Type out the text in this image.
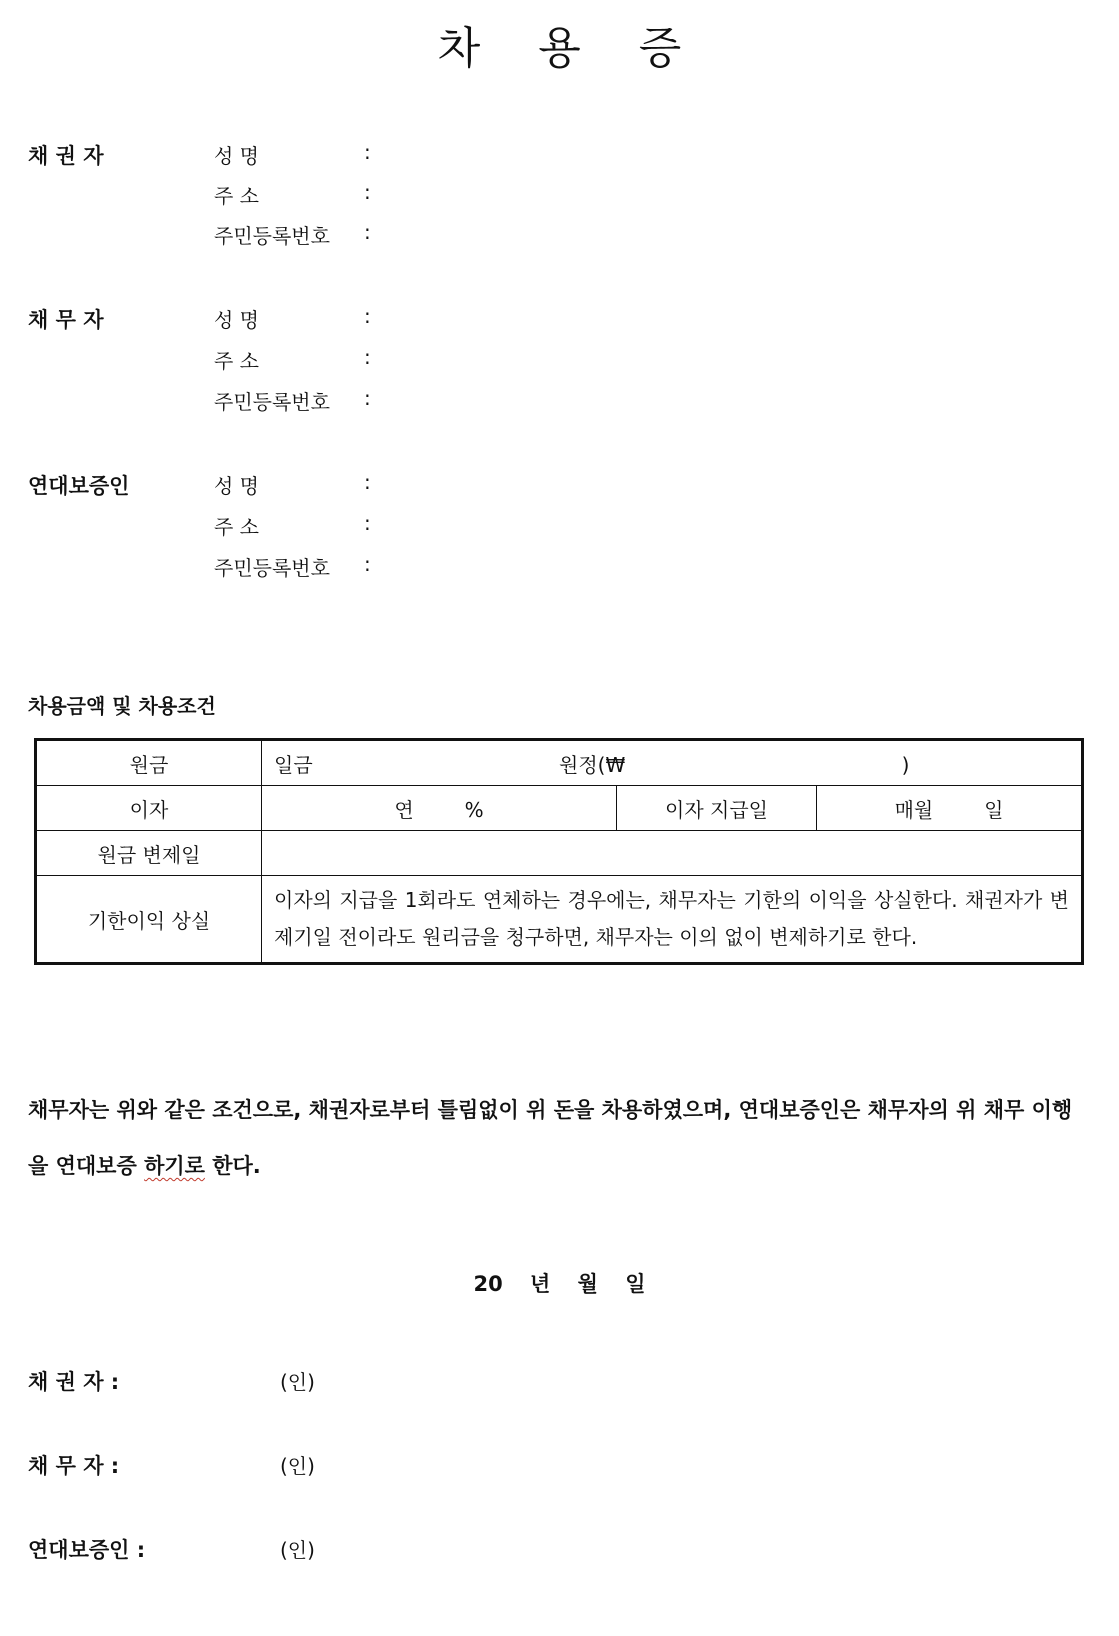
차 용 증
채 권 자	성 명	:
주 소	:
주민등록번호 :
채 무 자	성 명	:
주 소	:
주민등록번호 :
연대보증인	성 명	:
주 소	:
주민등록번호 :
차용금액 및 차용조건
원금	일금 원정(₩ )		
이자	연        %	이자 지급일	매월        일
원금 변제일			
기한이익 상실	이자의 지급을 1회라도 연체하는 경우에는, 채무자는 기한의 이익을 상실한다. 채권자가 변제기일 전이라도 원리금을 청구하면, 채무자는 이의 없이 변제하기로 한다.		
채무자는 위와 같은 조건으로, 채권자로부터 틀림없이 위 돈을 차용하였으며, 연대보증인은 채무자의 위 채무 이행을 연대보증 하기로 한다.
20 년 월 일
채 권 자 :	(인)
채 무 자 :	(인)
연대보증인 :	(인)
